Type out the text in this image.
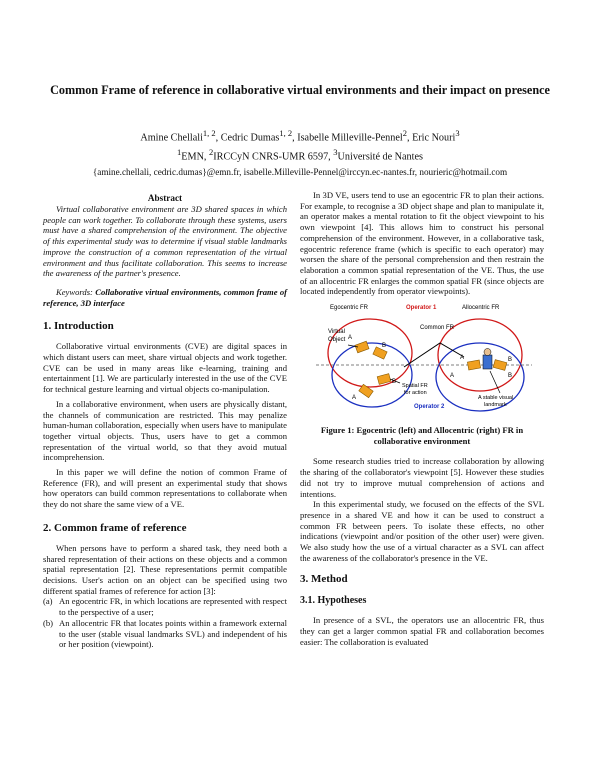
Common Frame of reference in collaborative virtual environments and their impact on presence
Amine Chellali$^{1, 2}$, Cedric Dumas$^{1, 2}$, Isabelle Milleville-Pennel$^2$, Eric Nouri$^3$
$^1$EMN, $^2$IRCCyN CNRS-UMR 6597, $^3$Université de Nantes
{amine.chellali, cedric.dumas}@emn.fr, isabelle.Milleville-Pennel@irccyn.ec-nantes.fr, nourieric@hotmail.com
Abstract

Virtual collaborative environment are 3D shared spaces in which people can work together. To collaborate through these systems, users must have a shared comprehension of the environment. The objective of this experimental study was to determine if visual stable landmarks improve the construction of a common representation of the virtual environment and thus facilitate collaboration. This seems to increase the awareness of the partner's presence.

Keywords: Collaborative virtual environments, common frame of reference, 3D interface

1. Introduction

Collaborative virtual environments (CVE) are digital spaces in which distant users can meet, share virtual objects and work together. CVE can be used in many areas like e-learning, training and entertainment [1]. We are particularly interested in the use of the CVE for technical gesture learning and virtual objects co-manipulation.

In a collaborative environment, when users are physically distant, the channels of communication are restricted. This may penalize human-human collaboration, especially when users have to manipulate together virtual objects. Thus, users have to get a common representation of the virtual world, so that they avoid mutual incomprehension.

In this paper we will define the notion of common Frame of Reference (FR), and will present an experimental study that shows how operators can build common representations to collaborate when they do not share the same view of a VE.

2. Common frame of reference

When persons have to perform a shared task, they need both a shared representation of their actions on these objects and a common spatial representation [2]. These representations permit compatible decisions. User's action on an object can be specified using two different spatial frames of reference for action [3]:

(a) An egocentric FR, in which locations are represented with respect to the perspective of a user;
(b) An allocentric FR that locates points within a framework external to the user (stable visual landmarks SVL) and independent of his or her position (viewpoint).

In 3D VE, users tend to use an egocentric FR to plan their actions. For example, to recognise a 3D object shape and plan to manipulate it, an operator makes a mental rotation to fit the object viewpoint to his own viewpoint [4]. This allows him to construct his personal comprehension of the environment. However, in a collaborative task, egocentric reference frame (which is specific to each operator) may worsen the share of the personal comprehension and then restrain the elaboration a common spatial representation of the VE. Thus, the use of an allocentric FR enlarges the common spatial FR (since objects are located independently from operator viewpoints).

Egocentric FR	Operator 1	Allocentric FR
Common FR
Virtual
Object
Spatial FR
for action
Operator 2
A stable visual
landmark
A
B
A
B
A	B
A	B
Figure 1: Egocentric (left) and Allocentric (right) FR in collaborative environment

Some research studies tried to increase collaboration by allowing the sharing of the collaborator's viewpoint [5]. However these studies did not try to improve mutual comprehension of actions and intentions.

In this experimental study, we focused on the effects of the SVL presence in a shared VE and how it can be used to construct a common FR between peers. To isolate these effects, no other indications (viewpoint and/or position of the other user) were given. We also study how the use of a virtual character as a SVL can affect the awareness of the collaborator's presence in the VE.

3. Method
3.1. Hypotheses

In presence of a SVL, the operators use an allocentric FR, thus they can get a larger common spatial FR and collaboration becomes easier: The collaboration is evaluated
